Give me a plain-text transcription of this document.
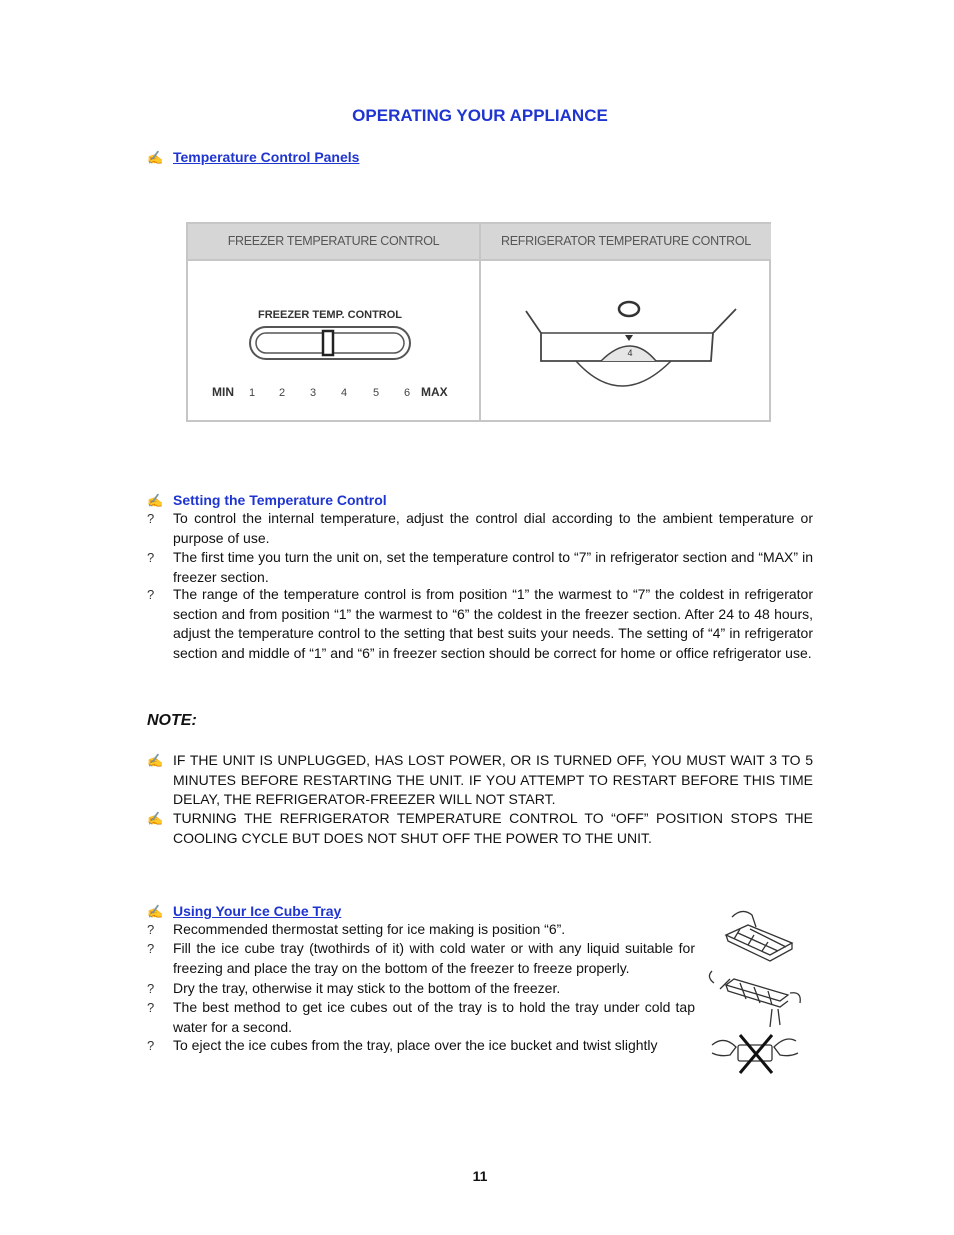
OPERATING YOUR APPLIANCE
✍ Temperature Control Panels
FREEZER TEMPERATURE CONTROL	REFRIGERATOR TEMPERATURE CONTROL
FREEZER TEMP. CONTROL
MIN 1 2 3 4 5 6 MAX
4
✍ Setting the Temperature Control
?	To control the internal temperature, adjust the control dial according to the ambient temperature or purpose of use.
?	The first time you turn the unit on, set the temperature control to “7” in refrigerator section and “MAX” in freezer section.
?	The range of the temperature control is from position “1” the warmest to “7” the coldest in refrigerator section and from position “1” the warmest to “6” the coldest in the freezer section. After 24 to 48 hours, adjust the temperature control to the setting that best suits your needs. The setting of “4” in refrigerator section and middle of “1” and “6” in freezer section should be correct for home or office refrigerator use.
NOTE:
✍ IF THE UNIT IS UNPLUGGED, HAS LOST POWER, OR IS TURNED OFF, YOU MUST WAIT 3 TO 5 MINUTES BEFORE RESTARTING THE UNIT. IF YOU ATTEMPT TO RESTART BEFORE THIS TIME DELAY, THE REFRIGERATOR-FREEZER WILL NOT START.
✍ TURNING THE REFRIGERATOR TEMPERATURE CONTROL TO “OFF” POSITION STOPS THE COOLING CYCLE BUT DOES NOT SHUT OFF THE POWER TO THE UNIT.
✍ Using Your Ice Cube Tray
?	Recommended thermostat setting for ice making is position “6”.
?	Fill the ice cube tray (twothirds of it) with cold water or with any liquid suitable for freezing and place the tray on the bottom of the freezer to freeze properly.
?	Dry the tray, otherwise it may stick to the bottom of the freezer.
?	The best method to get ice cubes out of the tray is to hold the tray under cold tap water for a second.
?	To eject the ice cubes from the tray, place over the ice bucket and twist slightly
11
